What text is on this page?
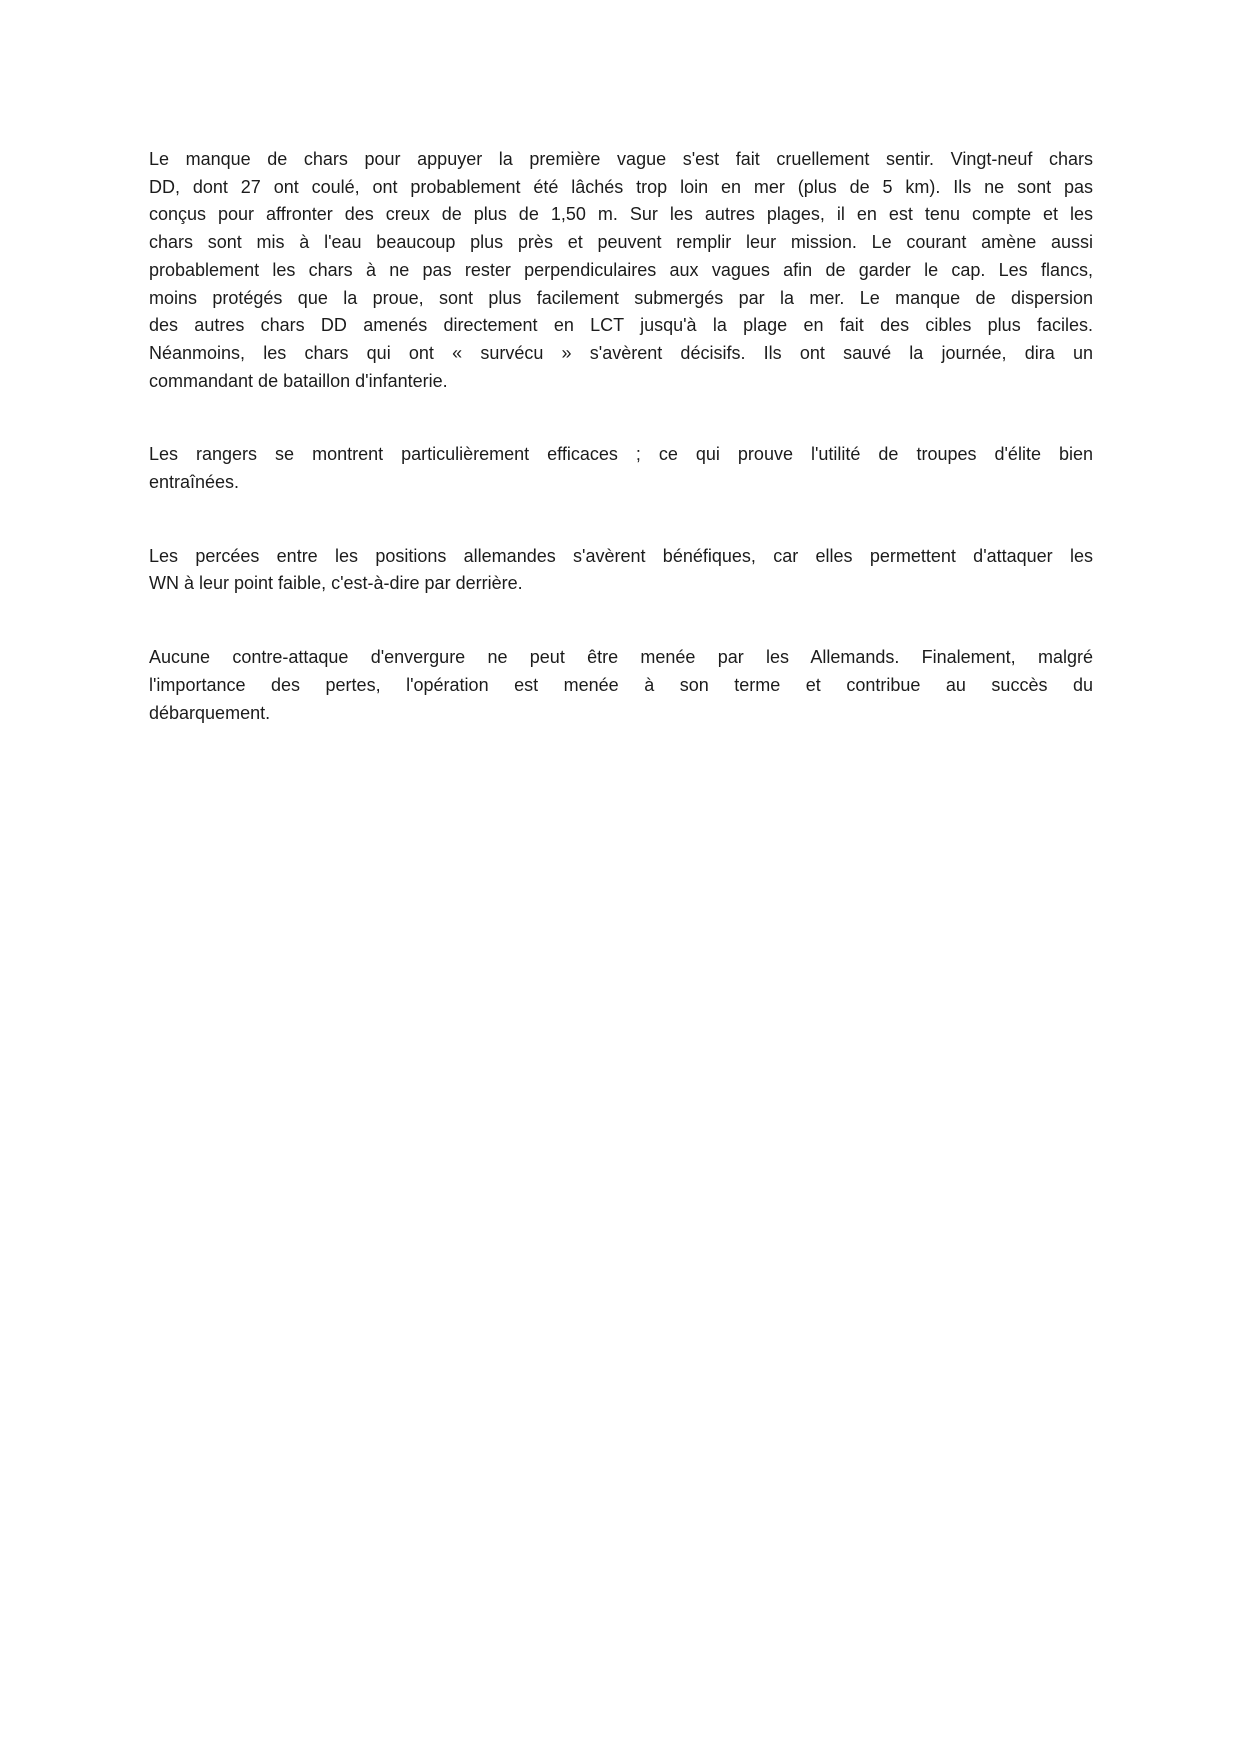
Le manque de chars pour appuyer la première vague s'est fait cruellement sentir. Vingt-neuf chars
DD, dont 27 ont coulé, ont probablement été lâchés trop loin en mer (plus de 5 km). Ils ne sont pas
conçus pour affronter des creux de plus de 1,50 m. Sur les autres plages, il en est tenu compte et les
chars sont mis à l'eau beaucoup plus près et peuvent remplir leur mission. Le courant amène aussi
probablement les chars à ne pas rester perpendiculaires aux vagues afin de garder le cap. Les flancs,
moins protégés que la proue, sont plus facilement submergés par la mer. Le manque de dispersion
des autres chars DD amenés directement en LCT jusqu'à la plage en fait des cibles plus faciles.
Néanmoins, les chars qui ont « survécu » s'avèrent décisifs. Ils ont sauvé la journée, dira un
commandant de bataillon d'infanterie.

Les rangers se montrent particulièrement efficaces ; ce qui prouve l'utilité de troupes d'élite bien
entraînées.

Les percées entre les positions allemandes s'avèrent bénéfiques, car elles permettent d'attaquer les
WN à leur point faible, c'est-à-dire par derrière.

Aucune contre-attaque d'envergure ne peut être menée par les Allemands. Finalement, malgré
l'importance des pertes, l'opération est menée à son terme et contribue au succès du
débarquement.
